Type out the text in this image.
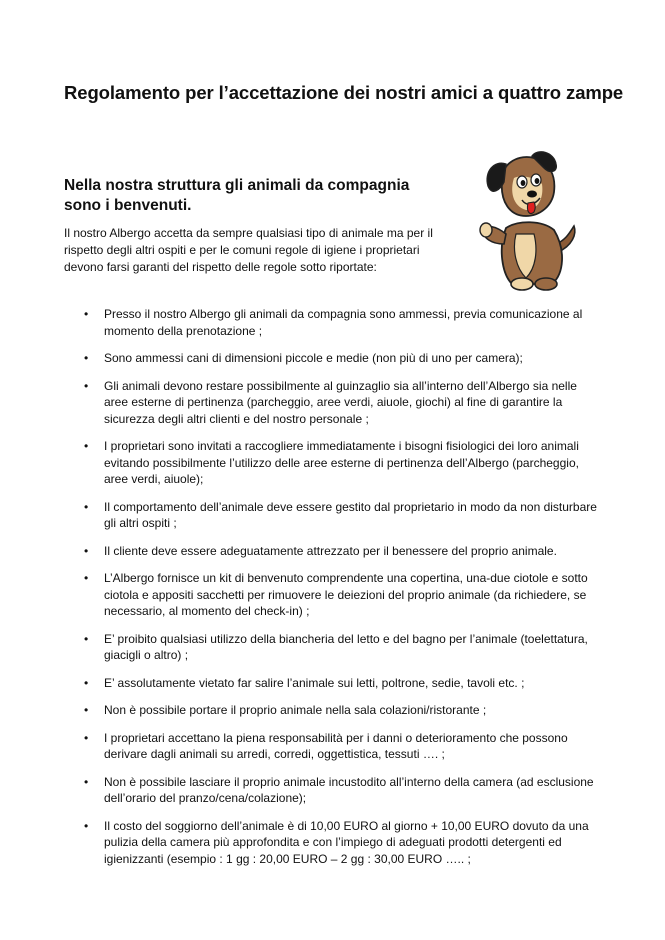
Regolamento per l’accettazione dei nostri amici a quattro zampe
Nella nostra struttura gli animali da compagnia sono i benvenuti.
Il nostro Albergo accetta da sempre qualsiasi tipo di animale ma per il rispetto degli altri ospiti e per le comuni regole di igiene i proprietari devono farsi garanti del rispetto delle regole sotto riportate:
• Presso il nostro Albergo gli animali da compagnia sono ammessi, previa comunicazione al momento della prenotazione ;
• Sono ammessi cani di dimensioni piccole e medie (non più di uno per camera);
• Gli animali devono restare possibilmente al guinzaglio sia all’interno dell’Albergo sia nelle aree esterne di pertinenza (parcheggio, aree verdi, aiuole, giochi) al fine di garantire la sicurezza degli altri clienti e del nostro personale ;
• I proprietari sono invitati a raccogliere immediatamente i bisogni fisiologici dei loro animali evitando possibilmente l’utilizzo delle aree esterne di pertinenza dell’Albergo (parcheggio, aree verdi, aiuole);
• Il comportamento dell’animale deve essere gestito dal proprietario in modo da non disturbare gli altri ospiti ;
• Il cliente deve essere adeguatamente attrezzato per il benessere del proprio animale.
• L’Albergo fornisce un kit di benvenuto comprendente una copertina, una-due ciotole e sotto ciotola e appositi sacchetti per rimuovere le deiezioni del proprio animale (da richiedere, se necessario, al momento del check-in) ;
• E’ proibito qualsiasi utilizzo della biancheria del letto e del bagno per l’animale (toelettatura, giacigli o altro) ;
• E’ assolutamente vietato far salire l’animale sui letti, poltrone, sedie, tavoli etc. ;
• Non è possibile portare il proprio animale nella sala colazioni/ristorante ;
• I proprietari accettano la piena responsabilità per i danni o deterioramento che possono derivare dagli animali su arredi, corredi, oggettistica, tessuti …. ;
• Non è possibile lasciare il proprio animale incustodito all’interno della camera (ad esclusione dell’orario del pranzo/cena/colazione);
• Il costo del soggiorno dell’animale è di 10,00 EURO al giorno + 10,00 EURO dovuto da una pulizia della camera più approfondita e con l’impiego di adeguati prodotti detergenti ed igienizzanti (esempio : 1 gg : 20,00 EURO – 2 gg : 30,00 EURO ….. ;
